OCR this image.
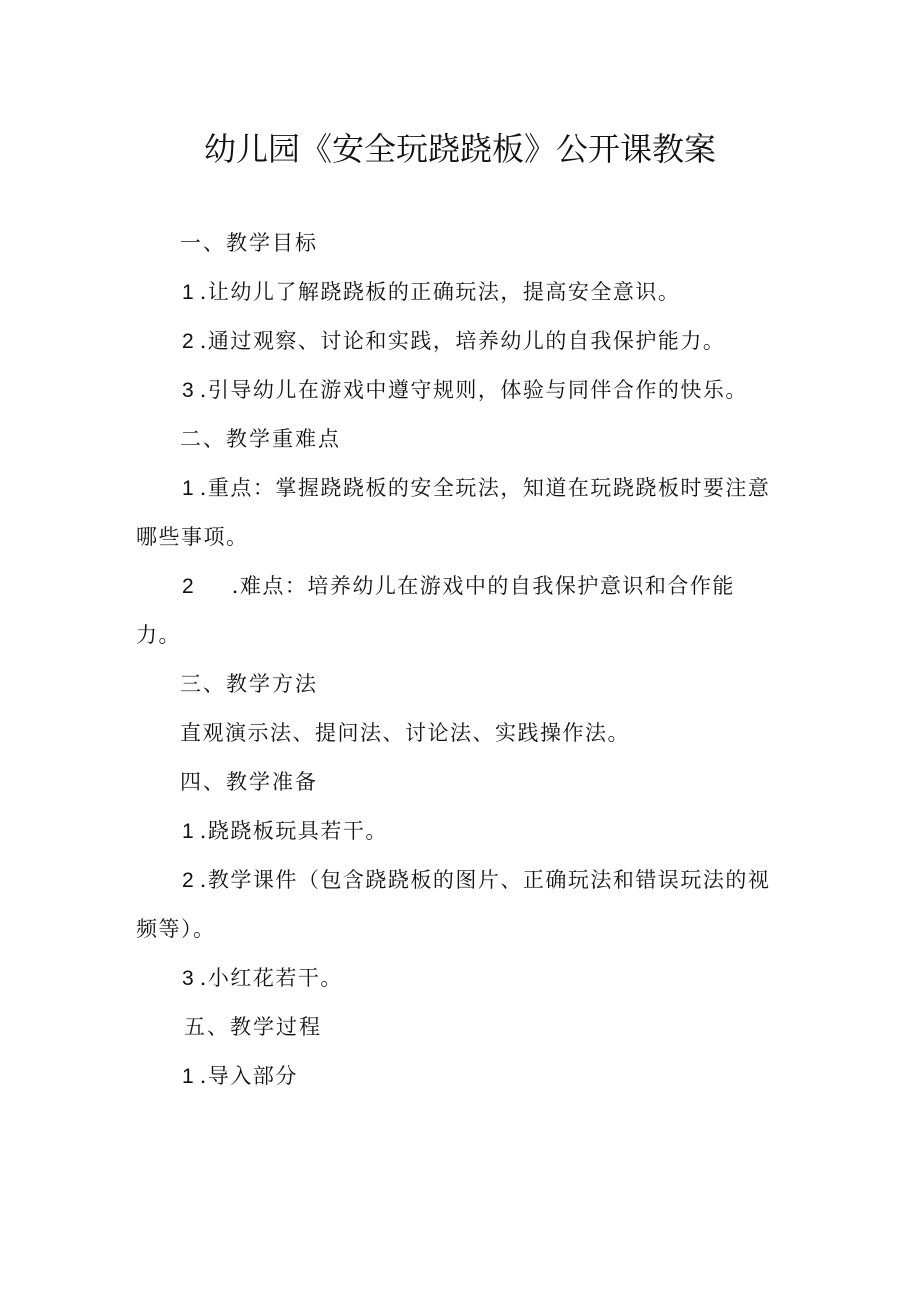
幼儿园《安全玩跷跷板》公开课教案
一、教学目标
1 .让幼儿了解跷跷板的正确玩法，提高安全意识。
2 .通过观察、讨论和实践，培养幼儿的自我保护能力。
3 .引导幼儿在游戏中遵守规则，体验与同伴合作的快乐。
二、教学重难点
1 .重点：掌握跷跷板的安全玩法，知道在玩跷跷板时要注意
哪些事项。
2 .难点：培养幼儿在游戏中的自我保护意识和合作能
力。
三、教学方法
直观演示法、提问法、讨论法、实践操作法。
四、教学准备
1 .跷跷板玩具若干。
2 .教学课件（包含跷跷板的图片、正确玩法和错误玩法的视
频等）。
3 .小红花若干。
五、教学过程
1 .导入部分
